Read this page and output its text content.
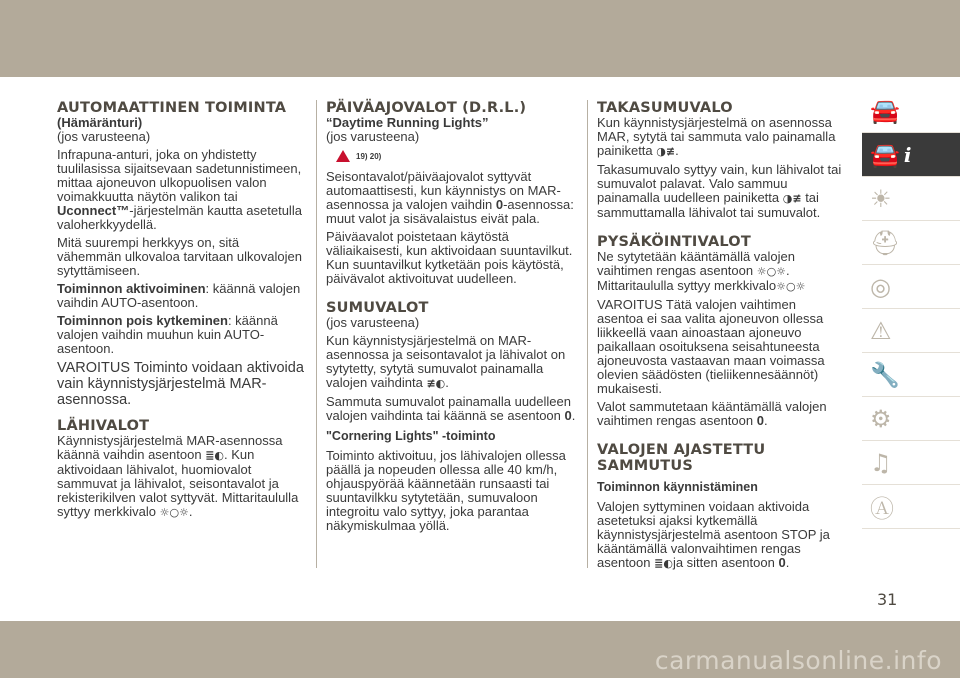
AUTOMAATTINEN TOIMINTA
(Hämäränturi)

(jos varusteena)

Infrapuna-anturi, joka on yhdistetty tuulilasissa sijaitsevaan sadetunnistimeen, mittaa ajoneuvon ulkopuolisen valon voimakkuutta näytön valikon tai Uconnect™-järjestelmän kautta asetetulla valoherkkyydellä.

Mitä suurempi herkkyys on, sitä vähemmän ulkovaloa tarvitaan ulkovalojen sytyttämiseen.

Toiminnon aktivoiminen: käännä valojen vaihdin AUTO-asentoon.

Toiminnon pois kytkeminen: käännä valojen vaihdin muuhun kuin AUTO-asentoon.

VAROITUS Toiminto voidaan aktivoida vain käynnistysjärjestelmä MAR-asennossa.

LÄHIVALOT

Käynnistysjärjestelmä MAR-asennossa käännä vaihdin asentoon ≣◐. Kun aktivoidaan lähivalot, huomiovalot sammuvat ja lähivalot, seisontavalot ja rekisterikilven valot syttyvät. Mittaritaululla syttyy merkkivalo ☼○☼.

PÄIVÄAJOVALOT (D.R.L.)
“Daytime Running Lights”

(jos varusteena)

19) 20)

Seisontavalot/päiväajovalot syttyvät automaattisesti, kun käynnistys on MAR-asennossa ja valojen vaihdin 0-asennossa: muut valot ja sisävalaistus eivät pala.

Päiväavalot poistetaan käytöstä väliaikaisesti, kun aktivoidaan suuntavilkut. Kun suuntavilkut kytketään pois käytöstä, päivävalot aktivoituvat uudelleen.

SUMUVALOT

(jos varusteena)

Kun käynnistysjärjestelmä on MAR-asennossa ja seisontavalot ja lähivalot on sytytetty, sytytä sumuvalot painamalla valojen vaihdinta ≢◐.

Sammuta sumuvalot painamalla uudelleen valojen vaihdinta tai käännä se asentoon 0.

"Cornering Lights" -toiminto

Toiminto aktivoituu, jos lähivalojen ollessa päällä ja nopeuden ollessa alle 40 km/h, ohjauspyörää käännetään runsaasti tai suuntavilkku sytytetään, sumuvaloon integroitu valo syttyy, joka parantaa näkymiskulmaa yöllä.

TAKASUMUVALO

Kun käynnistysjärjestelmä on asennossa MAR, sytytä tai sammuta valo painamalla painiketta ◑≢.

Takasumuvalo syttyy vain, kun lähivalot tai sumuvalot palavat. Valo sammuu painamalla uudelleen painiketta ◑≢ tai sammuttamalla lähivalot tai sumuvalot.

PYSÄKÖINTIVALOT

Ne sytytetään kääntämällä valojen vaihtimen rengas asentoon ☼○☼. Mittaritaululla syttyy merkkivalo☼○☼

VAROITUS Tätä valojen vaihtimen asentoa ei saa valita ajoneuvon ollessa liikkeellä vaan ainoastaan ajoneuvo paikallaan osoituksena seisahtuneesta ajoneuvosta vastaavan maan voimassa olevien säädösten (tieliikennesäännöt) mukaisesti.

Valot sammutetaan kääntämällä valojen vaihtimen rengas asentoon 0.

VALOJEN AJASTETTU SAMMUTUS
Toiminnon käynnistäminen

Valojen syttyminen voidaan aktivoida asetetuksi ajaksi kytkemällä käynnistysjärjestelmä asentoon STOP ja kääntämällä valonvaihtimen rengas asentoon ≣◐ja sitten asentoon 0.

🚘
🚘 i
☀
⛑
◎
⚠
🔧
⚙
♫
Ⓐ
31
carmanualsonline.info
